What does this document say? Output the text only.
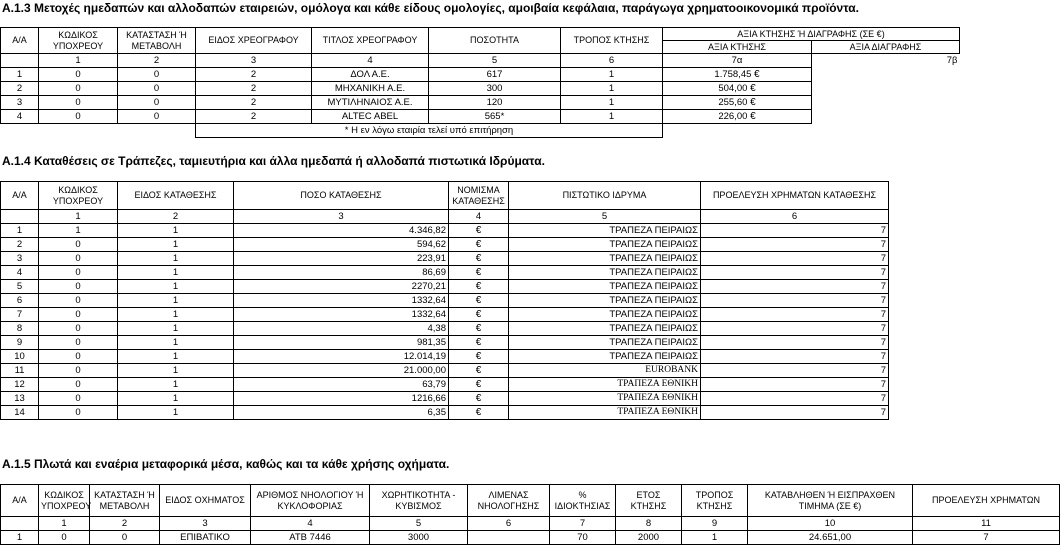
Α.1.3 Μετοχές ημεδαπών και αλλοδαπών εταιρειών, ομόλογα και κάθε είδους ομολογίες, αμοιβαία κεφάλαια, παράγωγα χρηματοοικονομικά προϊόντα.
Α/Α	ΚΩΔΙΚΟΣ ΥΠΟΧΡΕΟΥ	ΚΑΤΑΣΤΑΣΗ Ή ΜΕΤΑΒΟΛΗ	ΕΙΔΟΣ ΧΡΕΟΓΡΑΦΟΥ	ΤΙΤΛΟΣ ΧΡΕΟΓΡΑΦΟΥ	ΠΟΣΟΤΗΤΑ	ΤΡΟΠΟΣ ΚΤΗΣΗΣ	ΑΞΙΑ ΚΤΗΣΗΣ Ή ΔΙΑΓΡΑΦΗΣ (ΣΕ €)	
							ΑΞΙΑ ΚΤΗΣΗΣ	ΑΞΙΑ ΔΙΑΓΡΑΦΗΣ
	1	2	3	4	5	6	7α	7β
1	0	0	2	ΔΟΛ Α.Ε.	617	1	1.758,45 €	
2	0	0	2	ΜΗΧΑΝΙΚΗ Α.Ε.	300	1	504,00 €	
3	0	0	2	ΜΥΤΙΛΗΝΑΙΟΣ Α.Ε.	120	1	255,60 €	
4	0	0	2	ALTEC ABEL	565*	1	226,00 €	
			* Η εν λόγω εταιρία τελεί υπό επιτήρηση					
Α.1.4 Καταθέσεις σε Τράπεζες, ταμιευτήρια και άλλα ημεδαπά ή αλλοδαπά πιστωτικά Ιδρύματα.
Α/Α	ΚΩΔΙΚΟΣ ΥΠΟΧΡΕΟΥ	ΕΙΔΟΣ ΚΑΤΑΘΕΣΗΣ	ΠΟΣΟ ΚΑΤΑΘΕΣΗΣ	ΝΟΜΙΣΜΑ ΚΑΤΑΘΕΣΗΣ	ΠΙΣΤΩΤΙΚΟ ΙΔΡΥΜΑ	ΠΡΟΕΛΕΥΣΗ ΧΡΗΜΑΤΩΝ ΚΑΤΑΘΕΣΗΣ
	1	2	3	4	5	6
1	1	1	4.346,82	€	ΤΡΑΠΕΖΑ ΠΕΙΡΑΙΩΣ	7
2	0	1	594,62	€	ΤΡΑΠΕΖΑ ΠΕΙΡΑΙΩΣ	7
3	0	1	223,91	€	ΤΡΑΠΕΖΑ ΠΕΙΡΑΙΩΣ	7
4	0	1	86,69	€	ΤΡΑΠΕΖΑ ΠΕΙΡΑΙΩΣ	7
5	0	1	2270,21	€	ΤΡΑΠΕΖΑ ΠΕΙΡΑΙΩΣ	7
6	0	1	1332,64	€	ΤΡΑΠΕΖΑ ΠΕΙΡΑΙΩΣ	7
7	0	1	1332,64	€	ΤΡΑΠΕΖΑ ΠΕΙΡΑΙΩΣ	7
8	0	1	4,38	€	ΤΡΑΠΕΖΑ ΠΕΙΡΑΙΩΣ	7
9	0	1	981,35	€	ΤΡΑΠΕΖΑ ΠΕΙΡΑΙΩΣ	7
10	0	1	12.014,19	€	ΤΡΑΠΕΖΑ ΠΕΙΡΑΙΩΣ	7
11	0	1	21.000,00	€	EUROBANK	7
12	0	1	63,79	€	ΤΡΑΠΕΖΑ ΕΘΝΙΚΗ	7
13	0	1	1216,66	€	ΤΡΑΠΕΖΑ ΕΘΝΙΚΗ	7
14	0	1	6,35	€	ΤΡΑΠΕΖΑ ΕΘΝΙΚΗ	7
Α.1.5 Πλωτά και εναέρια μεταφορικά μέσα, καθώς και τα κάθε χρήσης οχήματα.
Α/Α	ΚΩΔΙΚΟΣ ΥΠΟΧΡΕΟΥ	ΚΑΤΑΣΤΑΣΗ Ή ΜΕΤΑΒΟΛΗ	ΕΙΔΟΣ ΟΧΗΜΑΤΟΣ	ΑΡΙΘΜΟΣ ΝΗΟΛΟΓΙΟΥ Ή ΚΥΚΛΟΦΟΡΙΑΣ	ΧΩΡΗΤΙΚΟΤΗΤΑ - ΚΥΒΙΣΜΟΣ	ΛΙΜΕΝΑΣ ΝΗΟΛΟΓΗΣΗΣ	% ΙΔΙΟΚΤΗΣΙΑΣ	ΕΤΟΣ ΚΤΗΣΗΣ	ΤΡΟΠΟΣ ΚΤΗΣΗΣ	ΚΑΤΑΒΛΗΘΕΝ Ή ΕΙΣΠΡΑΧΘΕΝ ΤΙΜΗΜΑ (ΣΕ €)	ΠΡΟΕΛΕΥΣΗ ΧΡΗΜΑΤΩΝ
	1	2	3	4	5	6	7	8	9	10	11
1	0	0	ΕΠΙΒΑΤΙΚΟ	ΑΤΒ 7446	3000		70	2000	1	24.651,00	7
